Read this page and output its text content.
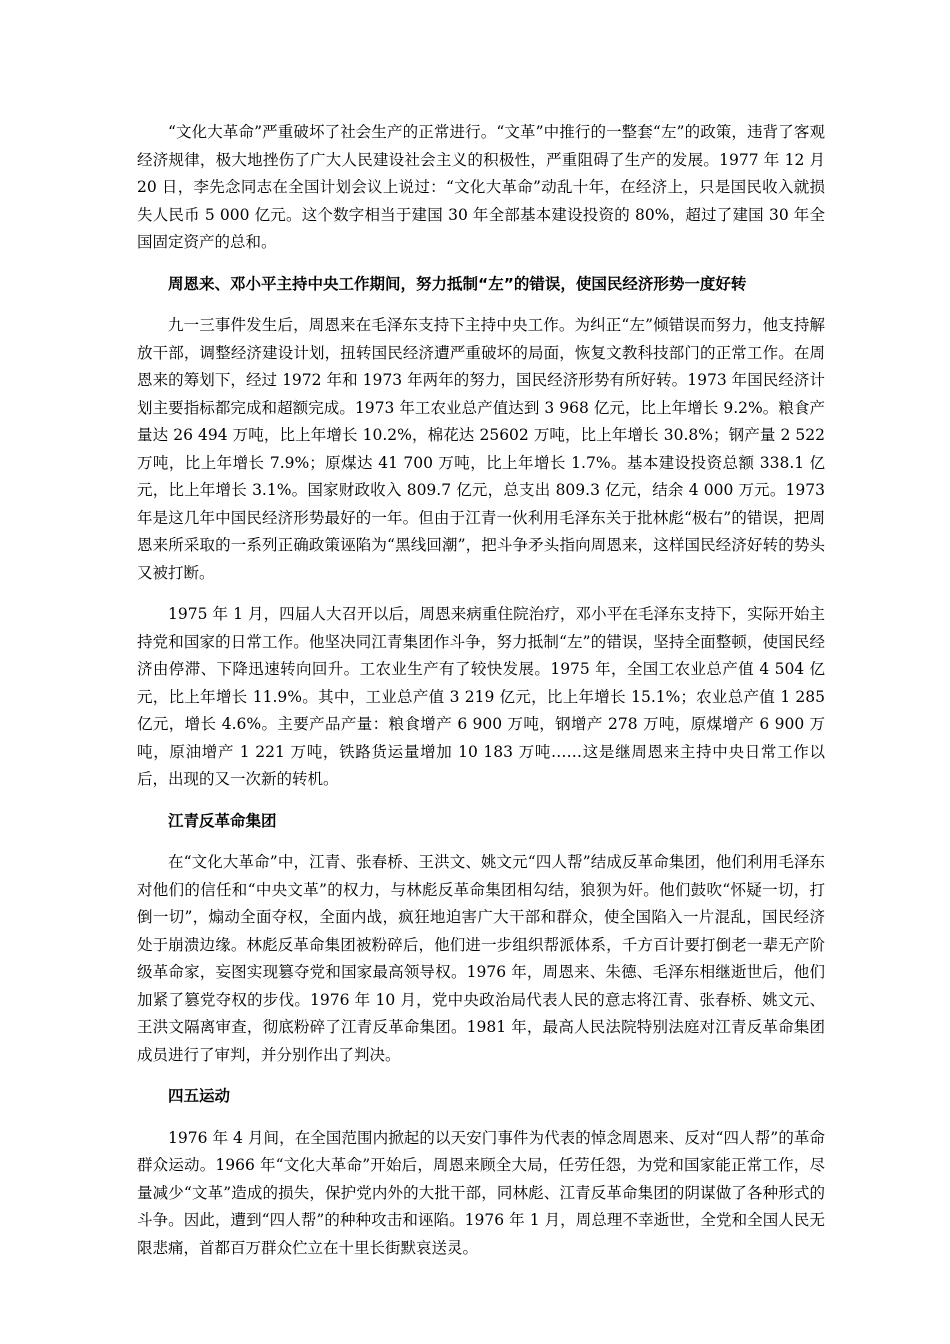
“文化大革命”严重破坏了社会生产的正常进行。“文革”中推行的一整套“左”的政策，违背了客观经济规律，极大地挫伤了广大人民建设社会主义的积极性，严重阻碍了生产的发展。1977 年 12 月 20 日，李先念同志在全国计划会议上说过：“文化大革命”动乱十年，在经济上，只是国民收入就损失人民币 5 000 亿元。这个数字相当于建国 30 年全部基本建设投资的 80%，超过了建国 30 年全国固定资产的总和。

周恩来、邓小平主持中央工作期间，努力抵制“左”的错误，使国民经济形势一度好转

九一三事件发生后，周恩来在毛泽东支持下主持中央工作。为纠正“左”倾错误而努力，他支持解放干部，调整经济建设计划，扭转国民经济遭严重破坏的局面，恢复文教科技部门的正常工作。在周恩来的筹划下，经过 1972 年和 1973 年两年的努力，国民经济形势有所好转。1973 年国民经济计划主要指标都完成和超额完成。1973 年工农业总产值达到 3 968 亿元，比上年增长 9.2%。粮食产量达 26 494 万吨，比上年增长 10.2%，棉花达 25602 万吨，比上年增长 30.8%；钢产量 2 522 万吨，比上年增长 7.9%；原煤达 41 700 万吨，比上年增长 1.7%。基本建设投资总额 338.1 亿元，比上年增长 3.1%。国家财政收入 809.7 亿元，总支出 809.3 亿元，结余 4 000 万元。1973 年是这几年中国民经济形势最好的一年。但由于江青一伙利用毛泽东关于批林彪“极右”的错误，把周恩来所采取的一系列正确政策诬陷为“黑线回潮”，把斗争矛头指向周恩来，这样国民经济好转的势头又被打断。

1975 年 1 月，四届人大召开以后，周恩来病重住院治疗，邓小平在毛泽东支持下，实际开始主持党和国家的日常工作。他坚决同江青集团作斗争，努力抵制“左”的错误，坚持全面整顿，使国民经济由停滞、下降迅速转向回升。工农业生产有了较快发展。1975 年，全国工农业总产值 4 504 亿元，比上年增长 11.9%。其中，工业总产值 3 219 亿元，比上年增长 15.1%；农业总产值 1 285 亿元，增长 4.6%。主要产品产量：粮食增产 6 900 万吨，钢增产 278 万吨，原煤增产 6 900 万吨，原油增产 1 221 万吨，铁路货运量增加 10 183 万吨……这是继周恩来主持中央日常工作以后，出现的又一次新的转机。

江青反革命集团

在“文化大革命”中，江青、张春桥、王洪文、姚文元“四人帮”结成反革命集团，他们利用毛泽东对他们的信任和“中央文革”的权力，与林彪反革命集团相勾结，狼狈为奸。他们鼓吹“怀疑一切，打倒一切”，煽动全面夺权，全面内战，疯狂地迫害广大干部和群众，使全国陷入一片混乱，国民经济处于崩溃边缘。林彪反革命集团被粉碎后，他们进一步组织帮派体系，千方百计要打倒老一辈无产阶级革命家，妄图实现篡夺党和国家最高领导权。1976 年，周恩来、朱德、毛泽东相继逝世后，他们加紧了篡党夺权的步伐。1976 年 10 月，党中央政治局代表人民的意志将江青、张春桥、姚文元、王洪文隔离审查，彻底粉碎了江青反革命集团。1981 年，最高人民法院特别法庭对江青反革命集团成员进行了审判，并分别作出了判决。

四五运动

1976 年 4 月间，在全国范围内掀起的以天安门事件为代表的悼念周恩来、反对“四人帮”的革命群众运动。1966 年“文化大革命”开始后，周恩来顾全大局，任劳任怨，为党和国家能正常工作，尽量减少“文革”造成的损失，保护党内外的大批干部，同林彪、江青反革命集团的阴谋做了各种形式的斗争。因此，遭到“四人帮”的种种攻击和诬陷。1976 年 1 月，周总理不幸逝世，全党和全国人民无限悲痛，首都百万群众伫立在十里长街默哀送灵。
